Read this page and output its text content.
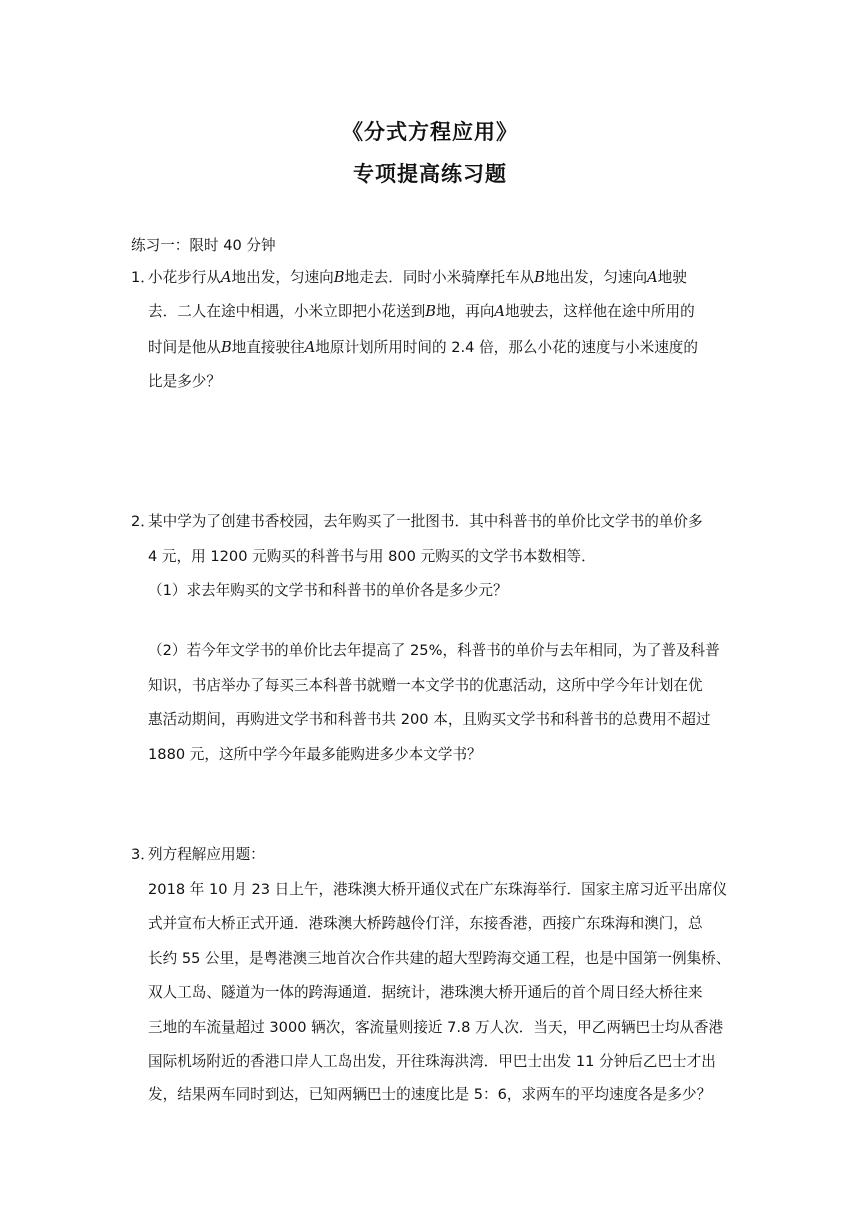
《分式方程应用》
专项提高练习题
练习一：限时 40 分钟
1．
小花步行从A地出发，匀速向B地走去．同时小米骑摩托车从B地出发，匀速向A地驶
去．二人在途中相遇，小米立即把小花送到B地，再向A地驶去，这样他在途中所用的
时间是他从B地直接驶往A地原计划所用时间的 2.4 倍，那么小花的速度与小米速度的
比是多少？
2．
某中学为了创建书香校园，去年购买了一批图书．其中科普书的单价比文学书的单价多
4 元，用 1200 元购买的科普书与用 800 元购买的文学书本数相等．
（1）求去年购买的文学书和科普书的单价各是多少元？
（2）若今年文学书的单价比去年提高了 25%，科普书的单价与去年相同，为了普及科普
知识，书店举办了每买三本科普书就赠一本文学书的优惠活动，这所中学今年计划在优
惠活动期间，再购进文学书和科普书共 200 本，且购买文学书和科普书的总费用不超过
1880 元，这所中学今年最多能购进多少本文学书？
3．
列方程解应用题：
2018 年 10 月 23 日上午，港珠澳大桥开通仪式在广东珠海举行．国家主席习近平出席仪
式并宣布大桥正式开通．港珠澳大桥跨越伶仃洋，东接香港，西接广东珠海和澳门，总
长约 55 公里，是粤港澳三地首次合作共建的超大型跨海交通工程，也是中国第一例集桥、
双人工岛、隧道为一体的跨海通道．据统计，港珠澳大桥开通后的首个周日经大桥往来
三地的车流量超过 3000 辆次，客流量则接近 7.8 万人次．当天，甲乙两辆巴士均从香港
国际机场附近的香港口岸人工岛出发，开往珠海洪湾．甲巴士出发 11 分钟后乙巴士才出
发，结果两车同时到达，已知两辆巴士的速度比是 5：6，求两车的平均速度各是多少？
